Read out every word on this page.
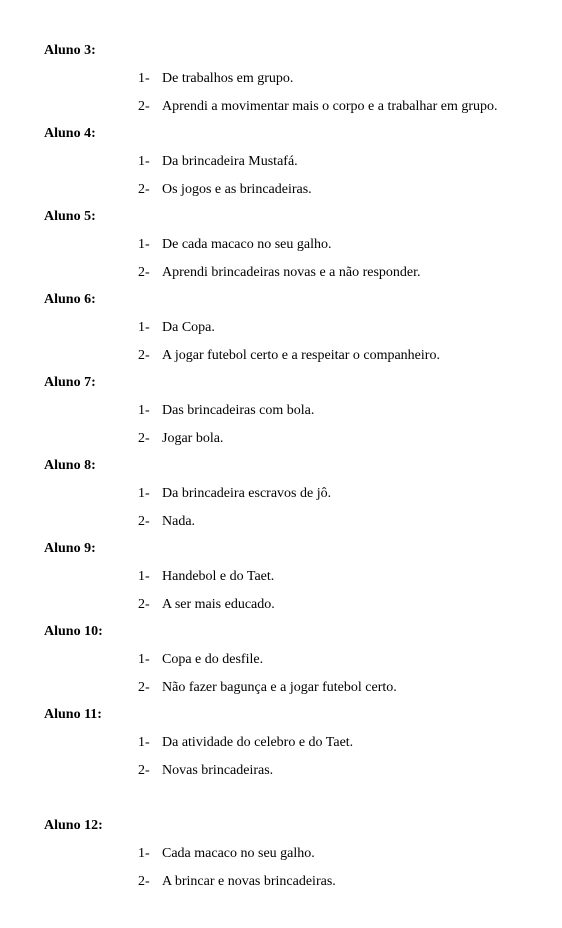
Aluno 3:
1- De trabalhos em grupo.
2- Aprendi a movimentar mais o corpo e a trabalhar em grupo.
Aluno 4:
1- Da brincadeira Mustafá.
2- Os jogos e as brincadeiras.
Aluno 5:
1- De cada macaco no seu galho.
2- Aprendi brincadeiras novas e a não responder.
Aluno 6:
1- Da Copa.
2- A jogar futebol certo e a respeitar o companheiro.
Aluno 7:
1- Das brincadeiras com bola.
2- Jogar bola.
Aluno 8:
1- Da brincadeira escravos de jô.
2- Nada.
Aluno 9:
1- Handebol e do Taet.
2- A ser mais educado.
Aluno 10:
1- Copa e do desfile.
2- Não fazer bagunça e a jogar futebol certo.
Aluno 11:
1- Da atividade do celebro e do Taet.
2- Novas brincadeiras.
Aluno 12:
1- Cada macaco no seu galho.
2- A brincar e novas brincadeiras.
